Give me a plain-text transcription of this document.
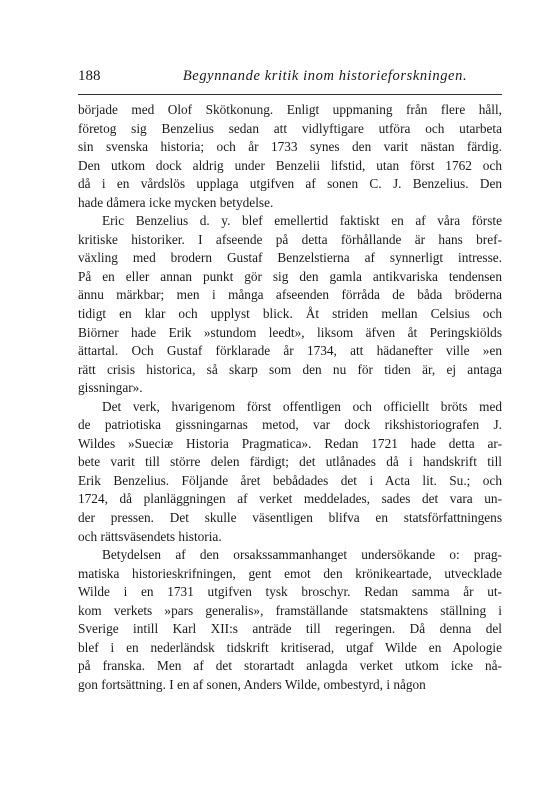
188	Begynnande kritik inom historieforskningen.
började med Olof Skötkonung. Enligt uppmaning från flere håll,
företog sig Benzelius sedan att vidlyftigare utföra och utarbeta
sin svenska historia; och år 1733 synes den varit nästan färdig.
Den utkom dock aldrig under Benzelii lifstid, utan först 1762 och
då i en vårdslös upplaga utgifven af sonen C. J. Benzelius. Den
hade dåmera icke mycken betydelse.
Eric Benzelius d. y. blef emellertid faktiskt en af våra förste
kritiske historiker. I afseende på detta förhållande är hans bref-
växling med brodern Gustaf Benzelstierna af synnerligt intresse.
På en eller annan punkt gör sig den gamla antikvariska tendensen
ännu märkbar; men i många afseenden förråda de båda bröderna
tidigt en klar och upplyst blick. Åt striden mellan Celsius och
Biörner hade Erik »stundom leedt», liksom äfven åt Peringskiölds
ättartal. Och Gustaf förklarade år 1734, att hädanefter ville »en
rätt crisis historica, så skarp som den nu för tiden är, ej antaga
gissningar».
Det verk, hvarigenom först offentligen och officiellt bröts med
de patriotiska gissningarnas metod, var dock rikshistoriografen J.
Wildes »Sueciæ Historia Pragmatica». Redan 1721 hade detta ar-
bete varit till större delen färdigt; det utlånades då i handskrift till
Erik Benzelius. Följande året bebådades det i Acta lit. Su.; och
1724, då planläggningen af verket meddelades, sades det vara un-
der pressen. Det skulle väsentligen blifva en statsförfattningens
och rättsväsendets historia.
Betydelsen af den orsakssammanhanget undersökande o: prag-
matiska historieskrifningen, gent emot den krönikeartade, utvecklade
Wilde i en 1731 utgifven tysk broschyr. Redan samma år ut-
kom verkets »pars generalis», framställande statsmaktens ställning i
Sverige intill Karl XII:s anträde till regeringen. Då denna del
blef i en nederländsk tidskrift kritiserad, utgaf Wilde en Apologie
på franska. Men af det storartadt anlagda verket utkom icke nå-
gon fortsättning. I en af sonen, Anders Wilde, ombestyrd, i någon
